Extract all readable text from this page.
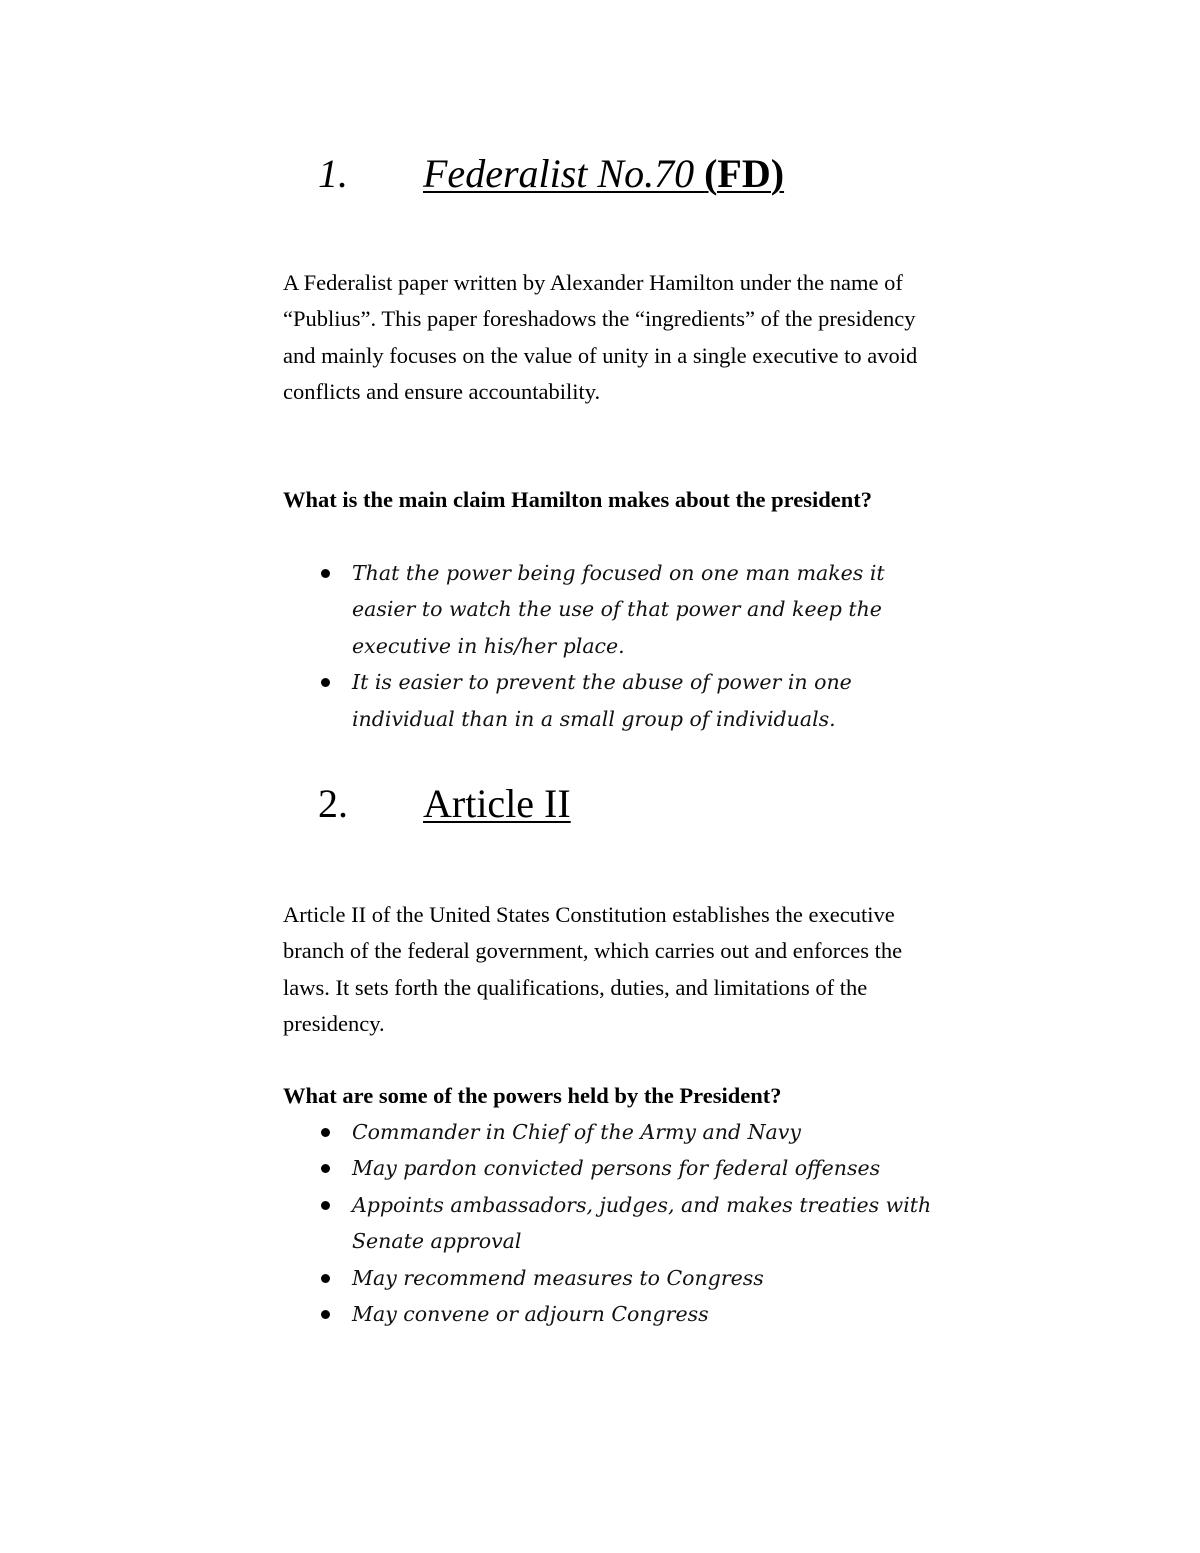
1. Federalist No.70 (FD)

A Federalist paper written by Alexander Hamilton under the name of “Publius”. This paper foreshadows the “ingredients” of the presidency and mainly focuses on the value of unity in a single executive to avoid conflicts and ensure accountability.

What is the main claim Hamilton makes about the president?

That the power being focused on one man makes it easier to watch the use of that power and keep the executive in his/her place.
It is easier to prevent the abuse of power in one individual than in a small group of individuals.
2. Article II

Article II of the United States Constitution establishes the executive branch of the federal government, which carries out and enforces the laws. It sets forth the qualifications, duties, and limitations of the presidency.

What are some of the powers held by the President?

Commander in Chief of the Army and Navy
May pardon convicted persons for federal offenses
Appoints ambassadors, judges, and makes treaties with Senate approval
May recommend measures to Congress
May convene or adjourn Congress
